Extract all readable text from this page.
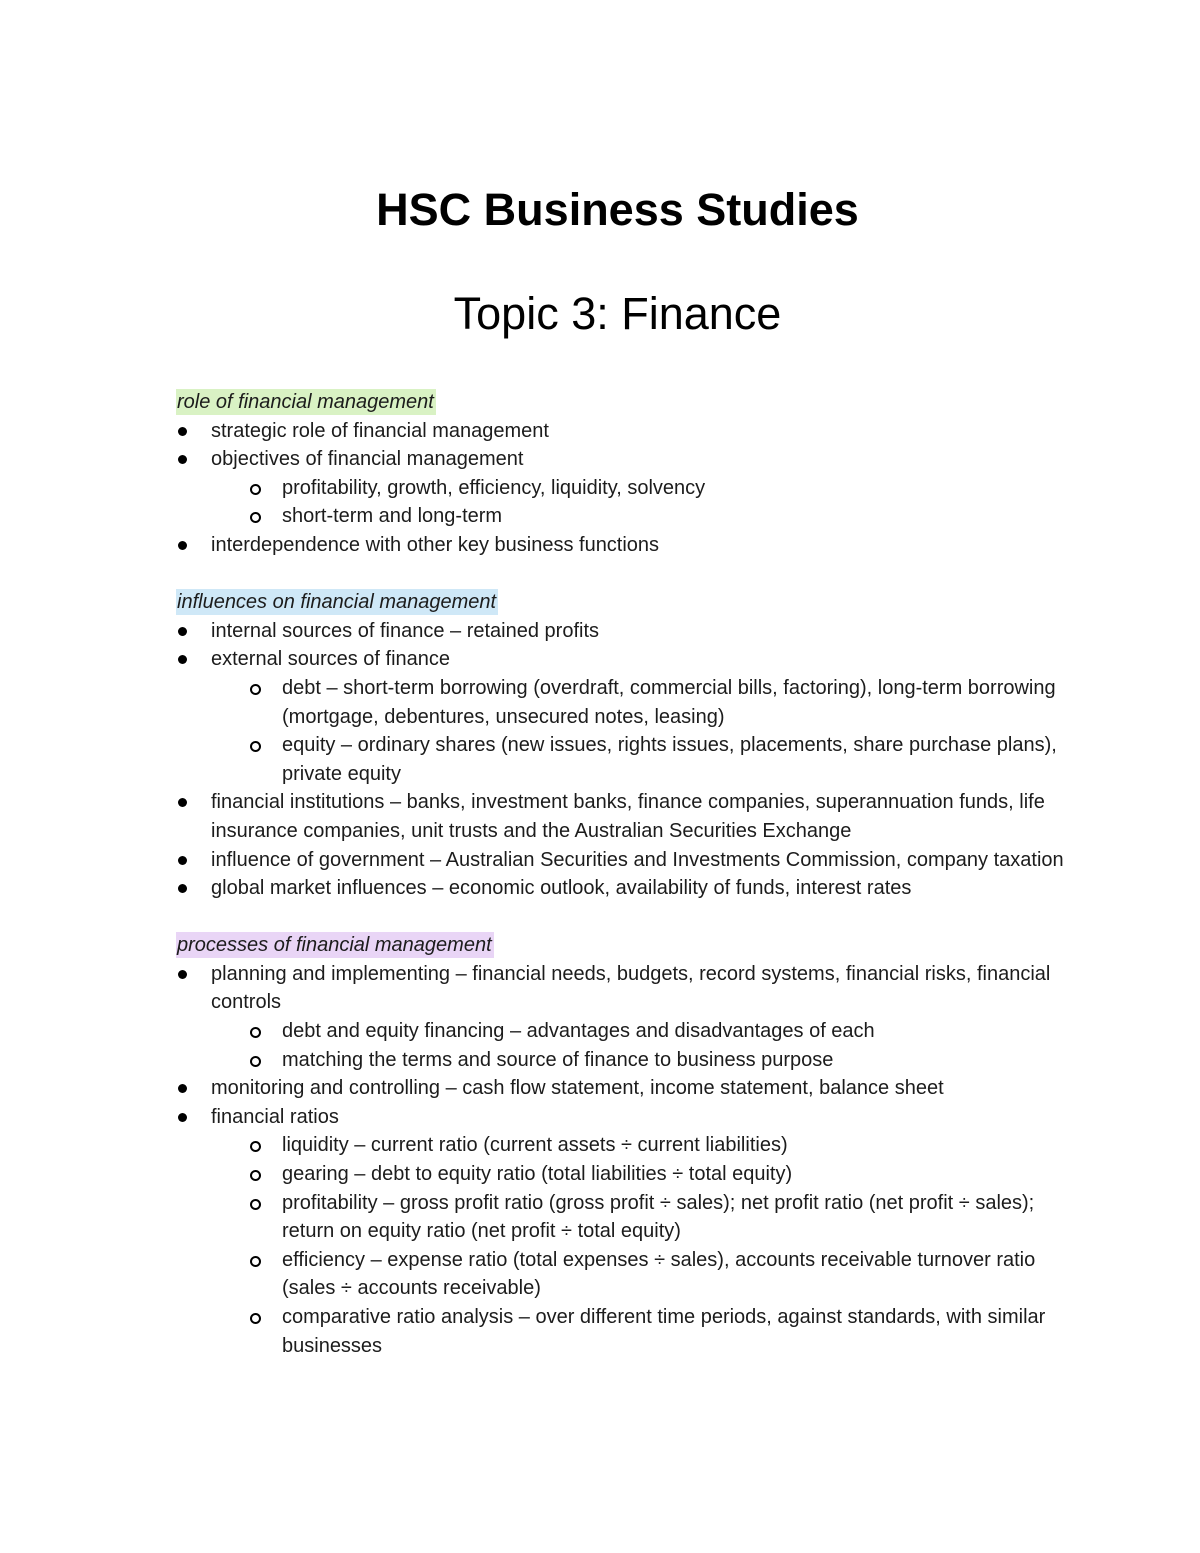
HSC Business Studies
Topic 3: Finance
role of financial management
strategic role of financial management
objectives of financial management
profitability, growth, efficiency, liquidity, solvency
short-term and long-term
interdependence with other key business functions
influences on financial management
internal sources of finance – retained profits
external sources of finance
debt – short-term borrowing (overdraft, commercial bills, factoring), long-term borrowing (mortgage, debentures, unsecured notes, leasing)
equity – ordinary shares (new issues, rights issues, placements, share purchase plans), private equity
financial institutions – banks, investment banks, finance companies, superannuation funds, life insurance companies, unit trusts and the Australian Securities Exchange
influence of government – Australian Securities and Investments Commission, company taxation
global market influences – economic outlook, availability of funds, interest rates
processes of financial management
planning and implementing – financial needs, budgets, record systems, financial risks, financial controls
debt and equity financing – advantages and disadvantages of each
matching the terms and source of finance to business purpose
monitoring and controlling – cash flow statement, income statement, balance sheet
financial ratios
liquidity – current ratio (current assets ÷ current liabilities)
gearing – debt to equity ratio (total liabilities ÷ total equity)
profitability – gross profit ratio (gross profit ÷ sales); net profit ratio (net profit ÷ sales); return on equity ratio (net profit ÷ total equity)
efficiency – expense ratio (total expenses ÷ sales), accounts receivable turnover ratio (sales ÷ accounts receivable)
comparative ratio analysis – over different time periods, against standards, with similar businesses
